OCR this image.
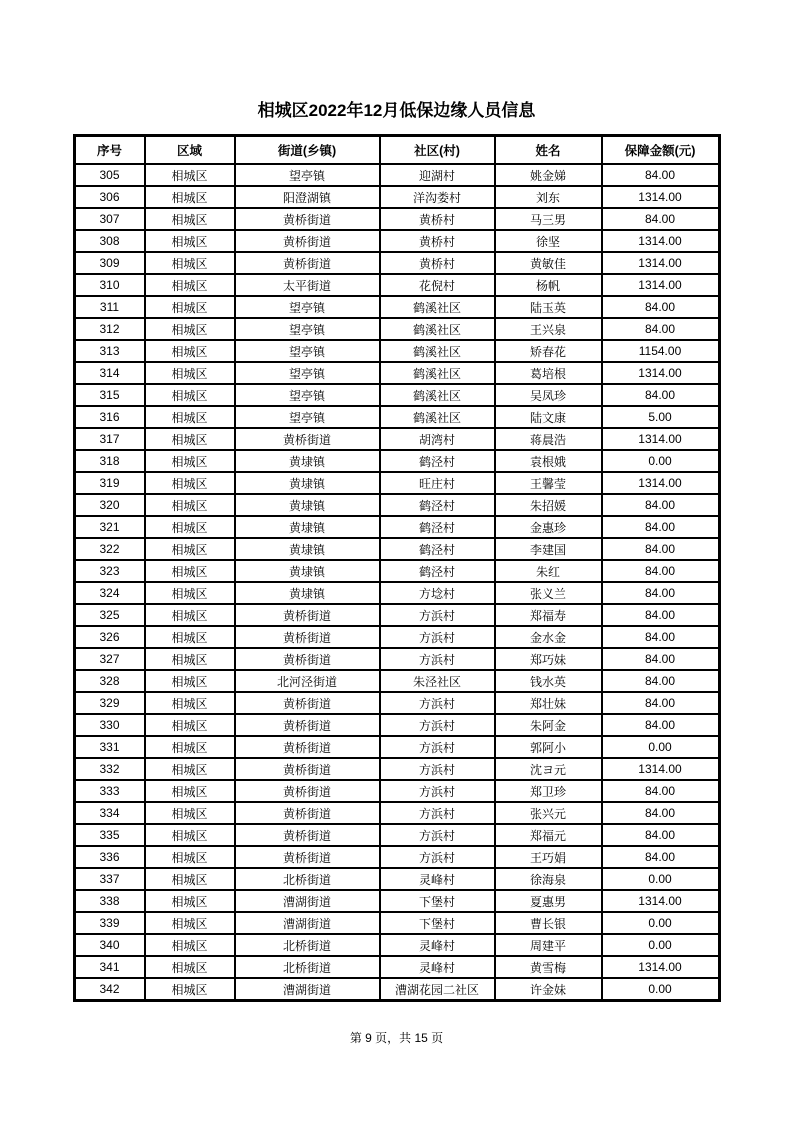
相城区2022年12月低保边缘人员信息
序号	区域	街道(乡镇)	社区(村)	姓名	保障金额(元)
305	相城区	望亭镇	迎湖村	姚金娣	84.00
306	相城区	阳澄湖镇	洋沟娄村	刘东	1314.00
307	相城区	黄桥街道	黄桥村	马三男	84.00
308	相城区	黄桥街道	黄桥村	徐坚	1314.00
309	相城区	黄桥街道	黄桥村	黄敏佳	1314.00
310	相城区	太平街道	花倪村	杨帆	1314.00
311	相城区	望亭镇	鹤溪社区	陆玉英	84.00
312	相城区	望亭镇	鹤溪社区	王兴泉	84.00
313	相城区	望亭镇	鹤溪社区	矫春花	1154.00
314	相城区	望亭镇	鹤溪社区	葛培根	1314.00
315	相城区	望亭镇	鹤溪社区	吴凤珍	84.00
316	相城区	望亭镇	鹤溪社区	陆文康	5.00
317	相城区	黄桥街道	胡湾村	蒋晨浩	1314.00
318	相城区	黄埭镇	鹤泾村	袁根娥	0.00
319	相城区	黄埭镇	旺庄村	王馨莹	1314.00
320	相城区	黄埭镇	鹤泾村	朱招媛	84.00
321	相城区	黄埭镇	鹤泾村	金惠珍	84.00
322	相城区	黄埭镇	鹤泾村	李建国	84.00
323	相城区	黄埭镇	鹤泾村	朱红	84.00
324	相城区	黄埭镇	方埝村	张义兰	84.00
325	相城区	黄桥街道	方浜村	郑福寿	84.00
326	相城区	黄桥街道	方浜村	金水金	84.00
327	相城区	黄桥街道	方浜村	郑巧妹	84.00
328	相城区	北河泾街道	朱泾社区	钱水英	84.00
329	相城区	黄桥街道	方浜村	郑壮妹	84.00
330	相城区	黄桥街道	方浜村	朱阿金	84.00
331	相城区	黄桥街道	方浜村	郭阿小	0.00
332	相城区	黄桥街道	方浜村	沈ヨ元	1314.00
333	相城区	黄桥街道	方浜村	郑卫珍	84.00
334	相城区	黄桥街道	方浜村	张兴元	84.00
335	相城区	黄桥街道	方浜村	郑福元	84.00
336	相城区	黄桥街道	方浜村	王巧娟	84.00
337	相城区	北桥街道	灵峰村	徐海泉	0.00
338	相城区	漕湖街道	下堡村	夏惠男	1314.00
339	相城区	漕湖街道	下堡村	曹长银	0.00
340	相城区	北桥街道	灵峰村	周建平	0.00
341	相城区	北桥街道	灵峰村	黄雪梅	1314.00
342	相城区	漕湖街道	漕湖花园二社区	许金妹	0.00
第 9 页，共 15 页
